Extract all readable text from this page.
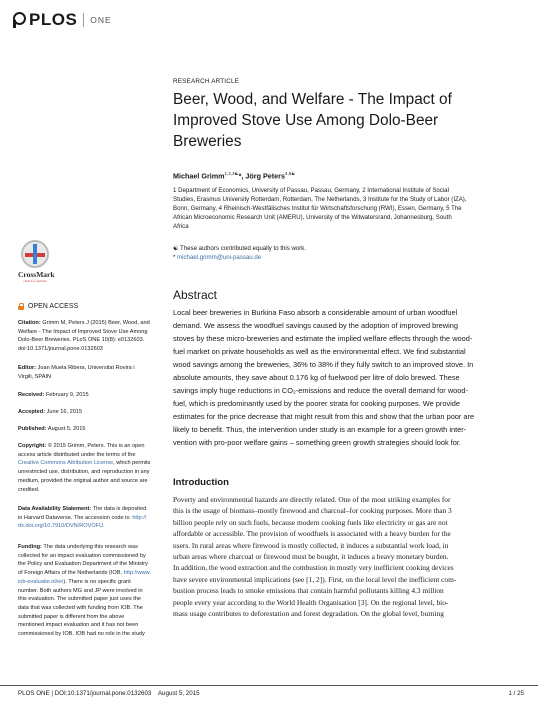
PLOS ONE
CrossMark
click for updates
OPEN ACCESS
Citation: Grimm M, Peters J (2015) Beer, Wood, and
Welfare - The Impact of Improved Stove Use Among
Dolo-Beer Breweries. PLoS ONE 10(8): e0132603.
doi:10.1371/journal.pone.0132603
Editor: Joan Muela Ribera, Universitat Rovira i
Virgili, SPAIN
Received: February 9, 2015
Accepted: June 16, 2015
Published: August 5, 2015
Copyright: © 2015 Grimm, Peters. This is an open
access article distributed under the terms of the
Creative Commons Attribution License, which permits
unrestricted use, distribution, and reproduction in any
medium, provided the original author and source are
credited.
Data Availability Statement: The data is deposited
in Harvard Dataverse. The accession code is: http://
dx.doi.org/10.7910/DVN/ROVOFU.
Funding: The data underlying this research was
collected for an impact evaluation commissioned by
the Policy and Evaluation Department of the Ministry
of Foreign Affairs of the Netherlands (IOB, http://www.
iob-evaluatie.nl/en). There is no specific grant
number. Both authors MG and JP were involved in
this evaluation. The submitted paper just uses the
data that was collected with funding from IOB. The
submitted paper is different from the above
mentioned impact evaluation and it has not been
commissioned by IOB. IOB had no role in the study
RESEARCH ARTICLE
Beer, Wood, and Welfare - The Impact of
Improved Stove Use Among Dolo-Beer
Breweries
Michael Grimm$^{1,2,3☯}$*, Jörg Peters$^{4,5☯}$
1 Department of Economics, University of Passau, Passau, Germany, 2 International Institute of Social
Studies, Erasmus University Rotterdam, Rotterdam, The Netherlands, 3 Institute for the Study of Labor (IZA),
Bonn, Germany, 4 Rheinisch-Westfälisches Institut für Wirtschaftsforschung (RWI), Essen, Germany, 5 The
African Microeconomic Research Unit (AMERU), University of the Witwatersrand, Johannesburg, South
Africa
☯ These authors contributed equally to this work.
* michael.grimm@uni-passau.de
Abstract
Local beer breweries in Burkina Faso absorb a considerable amount of urban woodfuel
demand. We assess the woodfuel savings caused by the adoption of improved brewing
stoves by these micro-breweries and estimate the implied welfare effects through the wood-
fuel market on private households as well as the environmental effect. We find substantial
wood savings among the breweries, 36% to 38% if they fully switch to an improved stove. In
absolute amounts, they save about 0.176 kg of fuelwood per litre of dolo brewed. These
savings imply huge reductions in CO₂-emissions and reduce the overall demand for wood-
fuel, which is predominantly used by the poorer strata for cooking purposes. We provide
estimates for the price decrease that might result from this and show that the urban poor are
likely to benefit. Thus, the intervention under study is an example for a green growth inter-
vention with pro-poor welfare gains – something green growth strategies should look for.
Introduction
Poverty and environmental hazards are directly related. One of the most striking examples for
this is the usage of biomass–mostly firewood and charcoal–for cooking purposes. More than 3
billion people rely on such fuels, because modern cooking fuels like electricity or gas are not
affordable or accessible. The provision of woodfuels is associated with a heavy burden for the
users. In rural areas where firewood is mostly collected, it induces a substantial work load, in
urban areas where charcoal or firewood must be bought, it induces a heavy monetary burden.
In addition, the wood extraction and the combustion in mostly very inefficient cooking devices
have severe environmental implications (see [1, 2]). First, on the local level the inefficient com-
bustion process leads to smoke emissions that contain harmful pollutants killing 4.3 million
people every year according to the World Health Organisation [3]. On the regional level, bio-
mass usage contributes to deforestation and forest degradation. On the global level, burning
PLOS ONE | DOI:10.1371/journal.pone.0132603    August 5, 2015	1 / 25
